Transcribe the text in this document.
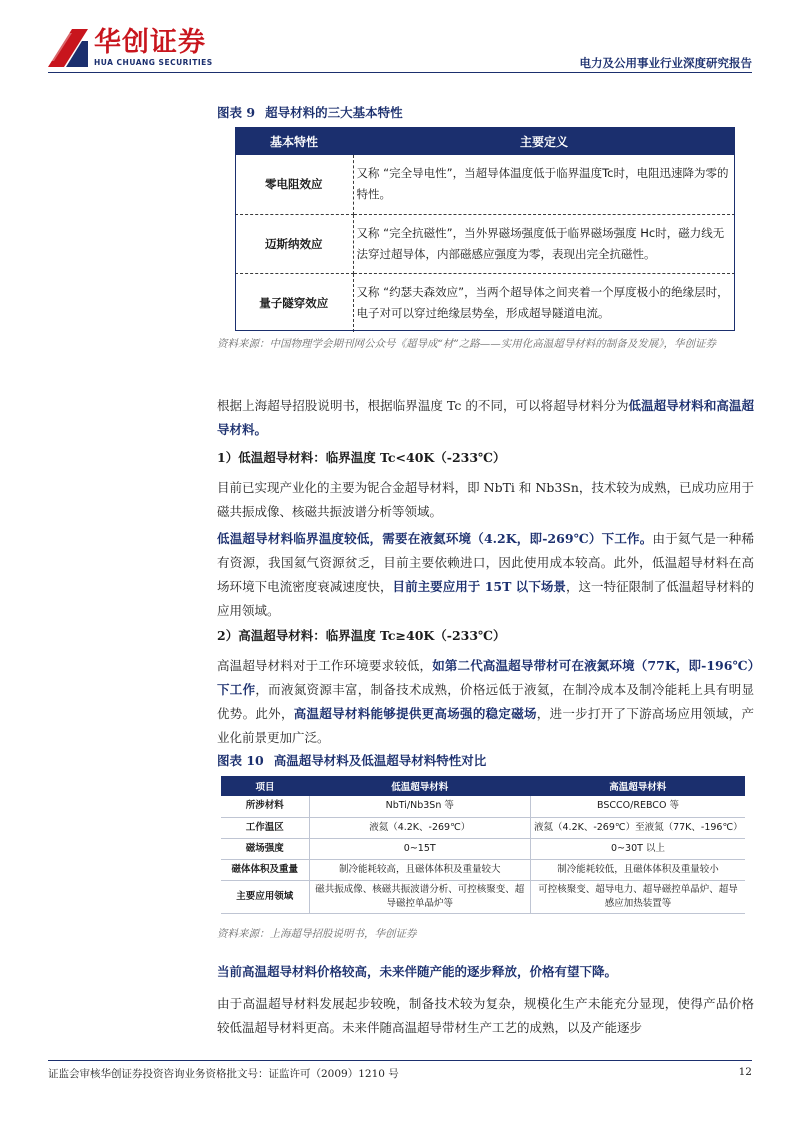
华创证券
HUA CHUANG SECURITIES	电力及公用事业行业深度研究报告
图表 9 超导材料的三大基本特性
基本特性	主要定义
零电阻效应	又称 “完全导电性”，当超导体温度低于临界温度Tc时，电阻迅速降为零的特性。
迈斯纳效应	又称 “完全抗磁性”，当外界磁场强度低于临界磁场强度 Hc时，磁力线无法穿过超导体，内部磁感应强度为零，表现出完全抗磁性。
量子隧穿效应	又称 “约瑟夫森效应”，当两个超导体之间夹着一个厚度极小的绝缘层时，电子对可以穿过绝缘层势垒，形成超导隧道电流。
资料来源：中国物理学会期刊网公众号《超导成“材”之路——实用化高温超导材料的制备及发展》，华创证券
根据上海超导招股说明书，根据临界温度 Tc 的不同，可以将超导材料分为低温超导材料和高温超导材料。
1）低温超导材料：临界温度 Tc<40K（-233℃）
目前已实现产业化的主要为铌合金超导材料，即 NbTi 和 Nb3Sn，技术较为成熟，已成功应用于磁共振成像、核磁共振波谱分析等领域。
低温超导材料临界温度较低，需要在液氦环境（4.2K，即-269℃）下工作。由于氦气是一种稀有资源，我国氦气资源贫乏，目前主要依赖进口，因此使用成本较高。此外，低温超导材料在高场环境下电流密度衰减速度快，目前主要应用于 15T 以下场景，这一特征限制了低温超导材料的应用领域。
2）高温超导材料：临界温度 Tc≥40K（-233℃）
高温超导材料对于工作环境要求较低，如第二代高温超导带材可在液氮环境（77K，即-196℃）下工作，而液氮资源丰富，制备技术成熟，价格远低于液氦，在制冷成本及制冷能耗上具有明显优势。此外，高温超导材料能够提供更高场强的稳定磁场，进一步打开了下游高场应用领域，产业化前景更加广泛。
图表 10 高温超导材料及低温超导材料特性对比
项目	低温超导材料	高温超导材料
所涉材料	NbTi/Nb3Sn 等	BSCCO/REBCO 等
工作温区	液氦（4.2K、-269℃）	液氦（4.2K、-269℃）至液氮（77K、-196℃）
磁场强度	0~15T	0~30T 以上
磁体体积及重量	制冷能耗较高，且磁体体积及重量较大	制冷能耗较低，且磁体体积及重量较小
主要应用领域	磁共振成像、核磁共振波谱分析、可控核聚变、超导磁控单晶炉等	可控核聚变、超导电力、超导磁控单晶炉、超导感应加热装置等
资料来源：上海超导招股说明书，华创证券
当前高温超导材料价格较高，未来伴随产能的逐步释放，价格有望下降。
由于高温超导材料发展起步较晚，制备技术较为复杂，规模化生产未能充分显现，使得产品价格较低温超导材料更高。未来伴随高温超导带材生产工艺的成熟，以及产能逐步
证监会审核华创证券投资咨询业务资格批文号：证监许可（2009）1210 号	12
